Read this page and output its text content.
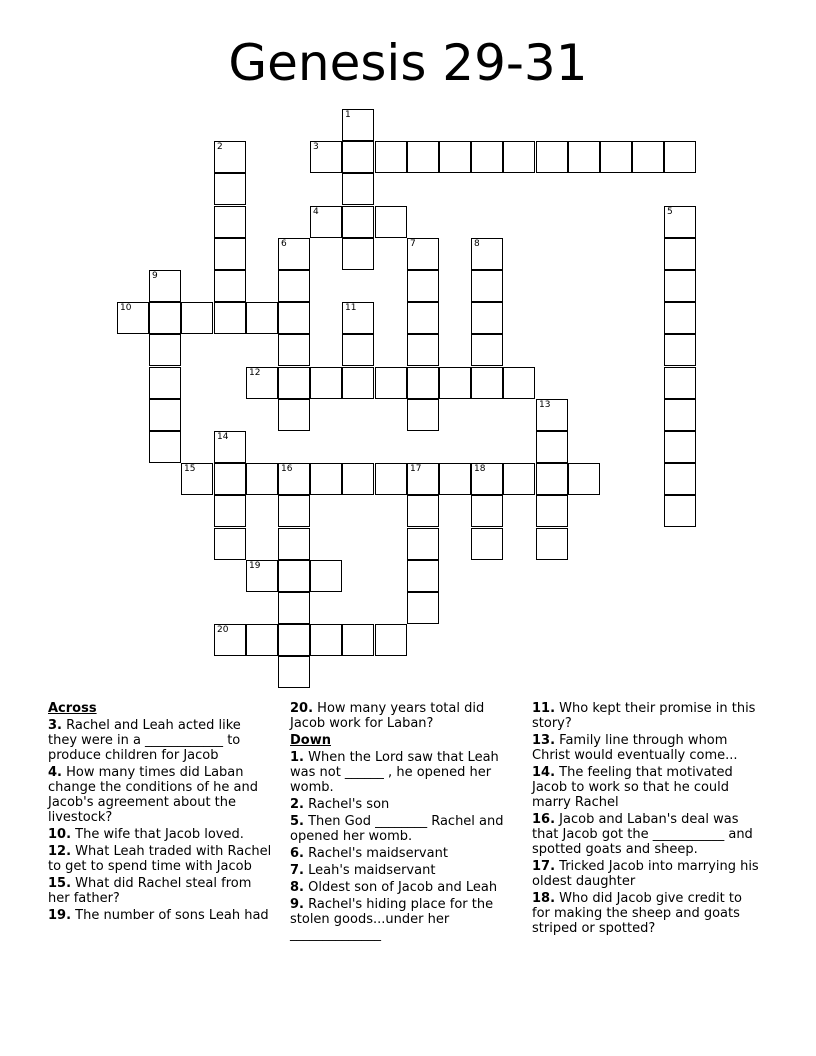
Genesis 29-31
1
2	3
4	5
6	7	8
9
10	11
12
13
14
15	16	17	18
19
20
Across
3. Rachel and Leah acted like they were in a ____________ to produce children for Jacob
4. How many times did Laban change the conditions of he and Jacob's agreement about the livestock?
10. The wife that Jacob loved.
12. What Leah traded with Rachel to get to spend time with Jacob
15. What did Rachel steal from her father?
19. The number of sons Leah had
20. How many years total did Jacob work for Laban?
Down
1. When the Lord saw that Leah was not ______ , he opened her womb.
2. Rachel's son
5. Then God ________ Rachel and opened her womb.
6. Rachel's maidservant
7. Leah's maidservant
8. Oldest son of Jacob and Leah
9. Rachel's hiding place for the stolen goods...under her ______________
11. Who kept their promise in this story?
13. Family line through whom Christ would eventually come...
14. The feeling that motivated Jacob to work so that he could marry Rachel
16. Jacob and Laban's deal was that Jacob got the ___________ and spotted goats and sheep.
17. Tricked Jacob into marrying his oldest daughter
18. Who did Jacob give credit to for making the sheep and goats striped or spotted?
